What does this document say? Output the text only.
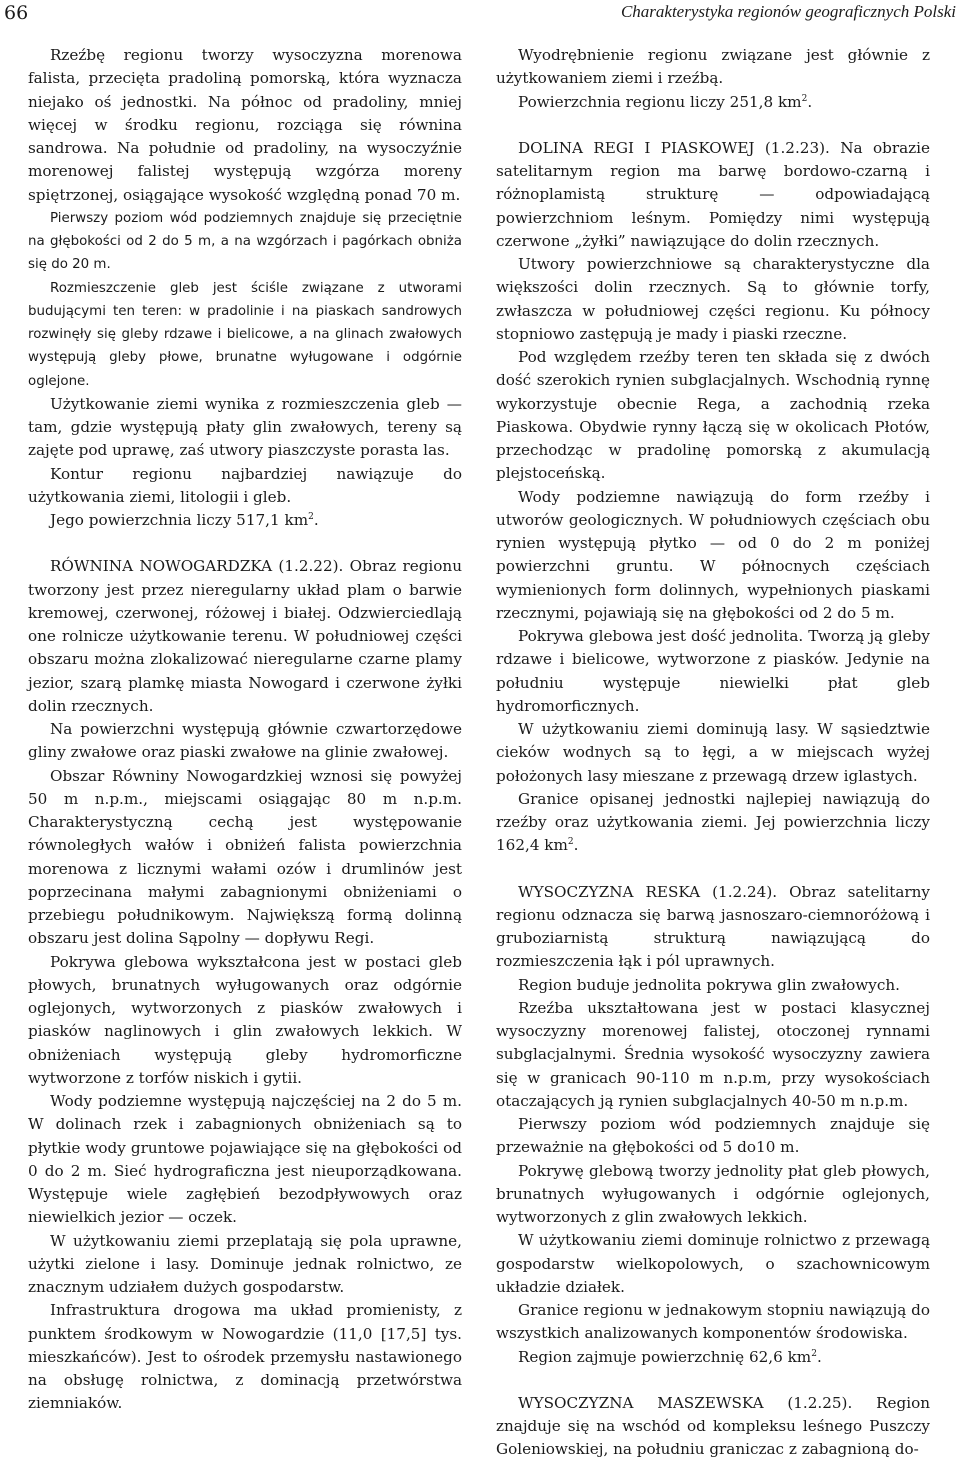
66	Charakterystyka regionów geograficznych Polski

Rzeźbę regionu tworzy wysoczyzna morenowa falista, przecięta pradoliną pomorską, która wyznacza niejako oś jednostki. Na północ od pradoliny, mniej więcej w środku regionu, rozciąga się równina sandrowa. Na południe od pradoliny, na wysoczyźnie morenowej falistej występują wzgórza moreny spiętrzonej, osiągające wysokość względną ponad 70 m.

Pierwszy poziom wód podziemnych znajduje się przeciętnie na głębokości od 2 do 5 m, a na wzgórzach i pagórkach obniża się do 20 m.

Rozmieszczenie gleb jest ściśle związane z utworami budującymi ten teren: w pradolinie i na piaskach sandrowych rozwinęły się gleby rdzawe i bielicowe, a na glinach zwałowych występują gleby płowe, brunatne wyługowane i odgórnie oglejone.

Użytkowanie ziemi wynika z rozmieszczenia gleb — tam, gdzie występują płaty glin zwałowych, tereny są zajęte pod uprawę, zaś utwory piaszczyste porasta las.

Kontur regionu najbardziej nawiązuje do użytkowania ziemi, litologii i gleb.

Jego powierzchnia liczy 517,1 $km^2$.

RÓWNINA NOWOGARDZKA (1.2.22). Obraz regionu tworzony jest przez nieregularny układ plam o barwie kremowej, czerwonej, różowej i białej. Odzwierciedlają one rolnicze użytkowanie terenu. W południowej części obszaru można zlokalizować nieregularne czarne plamy jezior, szarą plamkę miasta Nowogard i czerwone żyłki dolin rzecznych.

Na powierzchni występują głównie czwartorzędowe gliny zwałowe oraz piaski zwałowe na glinie zwałowej.

Obszar Równiny Nowogardzkiej wznosi się powyżej 50 m n.p.m., miejscami osiągając 80 m n.p.m. Charakterystyczną cechą jest występowanie równoległych wałów i obniżeń falista powierzchnia morenowa z licznymi wałami ozów i drumlinów jest poprzecinana małymi zabagnionymi obniżeniami o przebiegu południkowym. Największą formą dolinną obszaru jest dolina Sąpolny — dopływu Regi.

Pokrywa glebowa wykształcona jest w postaci gleb płowych, brunatnych wyługowanych oraz odgórnie oglejonych, wytworzonych z piasków zwałowych i piasków naglinowych i glin zwałowych lekkich. W obniżeniach występują gleby hydromorficzne wytworzone z torfów niskich i gytii.

Wody podziemne występują najczęściej na 2 do 5 m. W dolinach rzek i zabagnionych obniżeniach są to płytkie wody gruntowe pojawiające się na głębokości od 0 do 2 m. Sieć hydrograficzna jest nieuporządkowana. Występuje wiele zagłębień bezodpływowych oraz niewielkich jezior — oczek.

W użytkowaniu ziemi przeplatają się pola uprawne, użytki zielone i lasy. Dominuje jednak rolnictwo, ze znacznym udziałem dużych gospodarstw.

Infrastruktura drogowa ma układ promienisty, z punktem środkowym w Nowogardzie (11,0 [17,5] tys. mieszkańców). Jest to ośrodek przemysłu nastawionego na obsługę rolnictwa, z dominacją przetwórstwa ziemniaków.

Wyodrębnienie regionu związane jest głównie z użytkowaniem ziemi i rzeźbą.

Powierzchnia regionu liczy 251,8 $km^2$.

DOLINA REGI I PIASKOWEJ (1.2.23). Na obrazie satelitarnym region ma barwę bordowo-czarną i różnoplamistą strukturę — odpowiadającą powierzchniom leśnym. Pomiędzy nimi występują czerwone „żyłki” nawiązujące do dolin rzecznych.

Utwory powierzchniowe są charakterystyczne dla większości dolin rzecznych. Są to głównie torfy, zwłaszcza w południowej części regionu. Ku północy stopniowo zastępują je mady i piaski rzeczne.

Pod względem rzeźby teren ten składa się z dwóch dość szerokich rynien subglacjalnych. Wschodnią rynnę wykorzystuje obecnie Rega, a zachodnią rzeka Piaskowa. Obydwie rynny łączą się w okolicach Płotów, przechodząc w pradolinę pomorską z akumulacją plejstoceńską.

Wody podziemne nawiązują do form rzeźby i utworów geologicznych. W południowych częściach obu rynien występują płytko — od 0 do 2 m poniżej powierzchni gruntu. W północnych częściach wymienionych form dolinnych, wypełnionych piaskami rzecznymi, pojawiają się na głębokości od 2 do 5 m.

Pokrywa glebowa jest dość jednolita. Tworzą ją gleby rdzawe i bielicowe, wytworzone z piasków. Jedynie na południu występuje niewielki płat gleb hydromorficznych.

W użytkowaniu ziemi dominują lasy. W sąsiedztwie cieków wodnych są to łęgi, a w miejscach wyżej położonych lasy mieszane z przewagą drzew iglastych.

Granice opisanej jednostki najlepiej nawiązują do rzeźby oraz użytkowania ziemi. Jej powierzchnia liczy 162,4 $km^2$.

WYSOCZYZNA RESKA (1.2.24). Obraz satelitarny regionu odznacza się barwą jasnoszaro-ciemnoróżową i gruboziarnistą strukturą nawiązującą do rozmieszczenia łąk i pól uprawnych.

Region buduje jednolita pokrywa glin zwałowych.

Rzeźba ukształtowana jest w postaci klasycznej wysoczyzny morenowej falistej, otoczonej rynnami subglacjalnymi. Średnia wysokość wysoczyzny zawiera się w granicach 90-110 m n.p.m, przy wysokościach otaczających ją rynien subglacjalnych 40-50 m n.p.m.

Pierwszy poziom wód podziemnych znajduje się przeważnie na głębokości od 5 do10 m.

Pokrywę glebową tworzy jednolity płat gleb płowych, brunatnych wyługowanych i odgórnie oglejonych, wytworzonych z glin zwałowych lekkich.

W użytkowaniu ziemi dominuje rolnictwo z przewagą gospodarstw wielkopolowych, o szachownicowym układzie działek.

Granice regionu w jednakowym stopniu nawiązują do wszystkich analizowanych komponentów środowiska.

Region zajmuje powierzchnię 62,6 $km^2$.

WYSOCZYZNA MASZEWSKA (1.2.25). Region znajduje się na wschód od kompleksu leśnego Puszczy Goleniowskiej, na południu graniczac z zabagnioną do-
